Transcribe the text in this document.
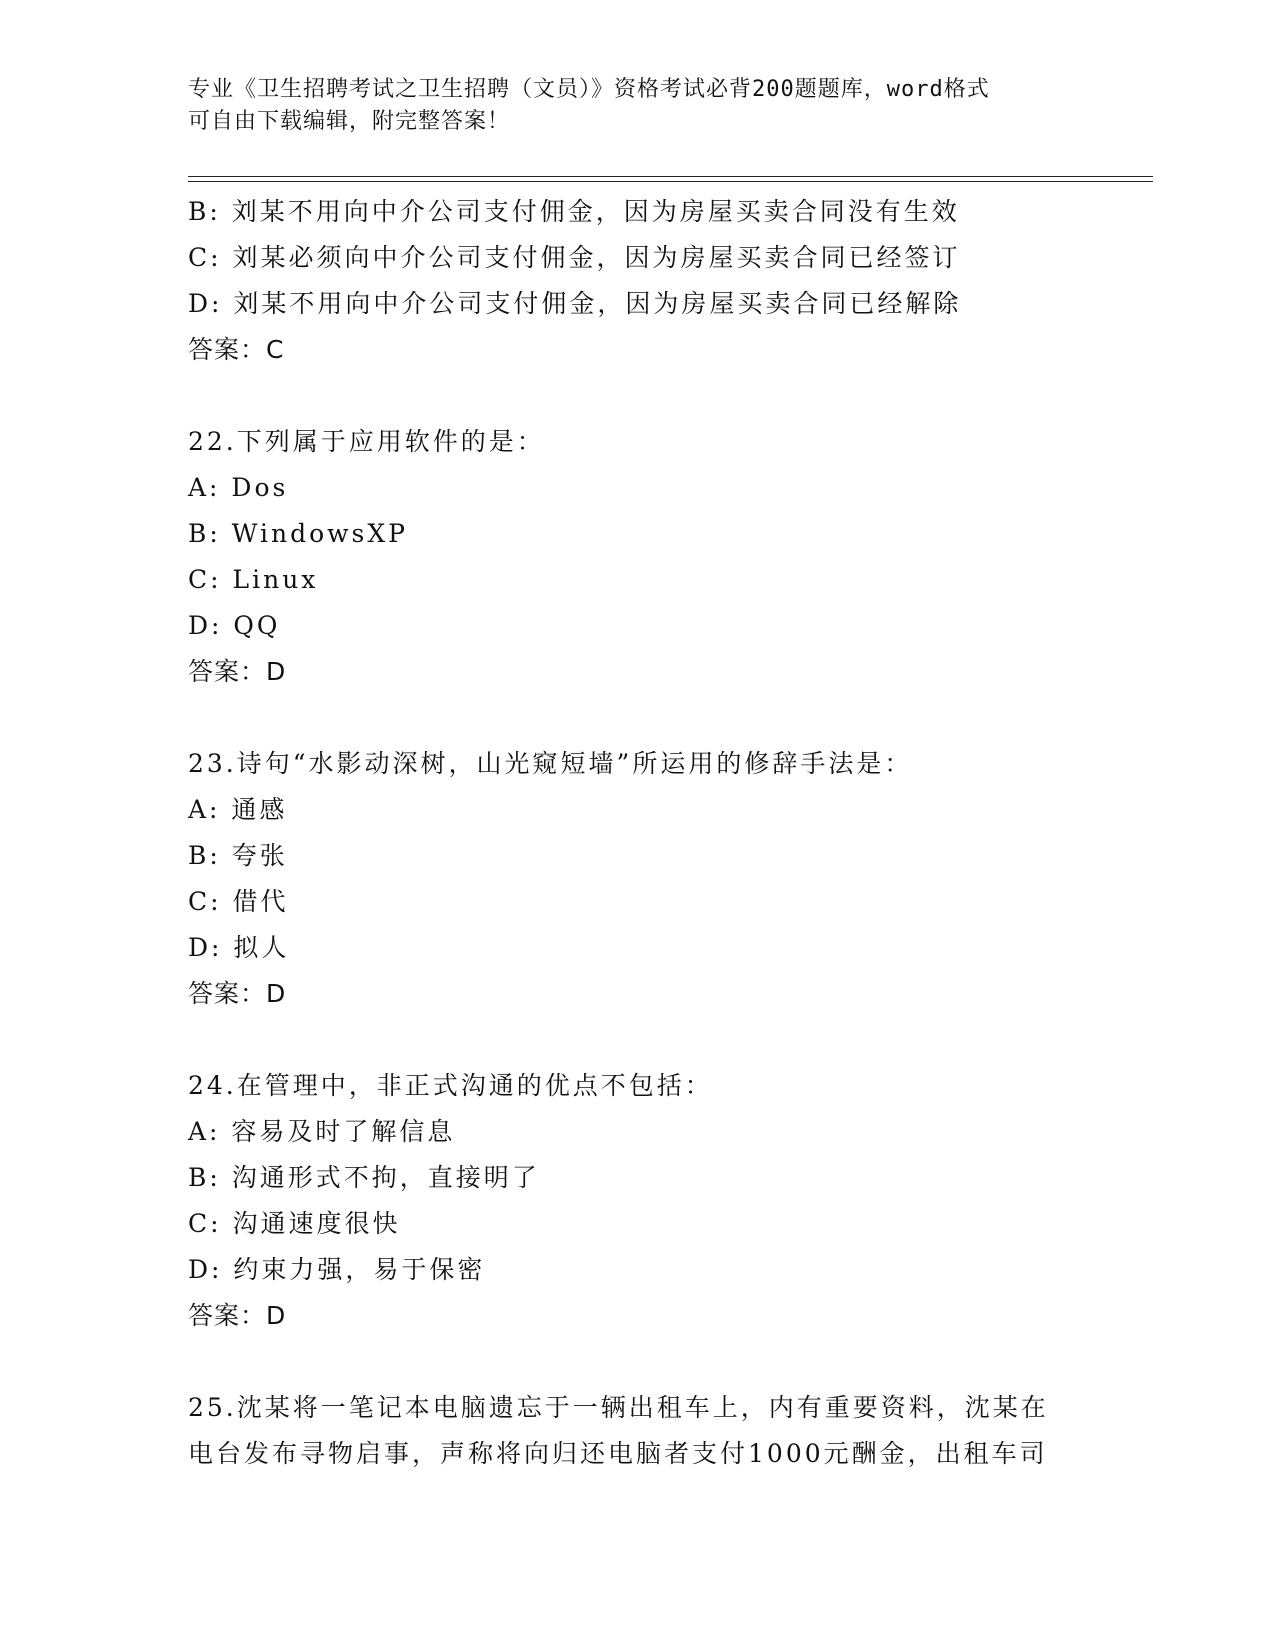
专业《卫生招聘考试之卫生招聘（文员）》资格考试必背200题题库，word格式
可自由下载编辑，附完整答案！
B: 刘某不用向中介公司支付佣金，因为房屋买卖合同没有生效
C: 刘某必须向中介公司支付佣金，因为房屋买卖合同已经签订
D: 刘某不用向中介公司支付佣金，因为房屋买卖合同已经解除
答案：C
22.下列属于应用软件的是：
A: Dos
B: WindowsXP
C: Linux
D: QQ
答案：D
23.诗句“水影动深树，山光窥短墙”所运用的修辞手法是：
A: 通感
B: 夸张
C: 借代
D: 拟人
答案：D
24.在管理中，非正式沟通的优点不包括：
A: 容易及时了解信息
B: 沟通形式不拘，直接明了
C: 沟通速度很快
D: 约束力强，易于保密
答案：D
25.沈某将一笔记本电脑遗忘于一辆出租车上，内有重要资料，沈某在
电台发布寻物启事，声称将向归还电脑者支付1000元酬金，出租车司
